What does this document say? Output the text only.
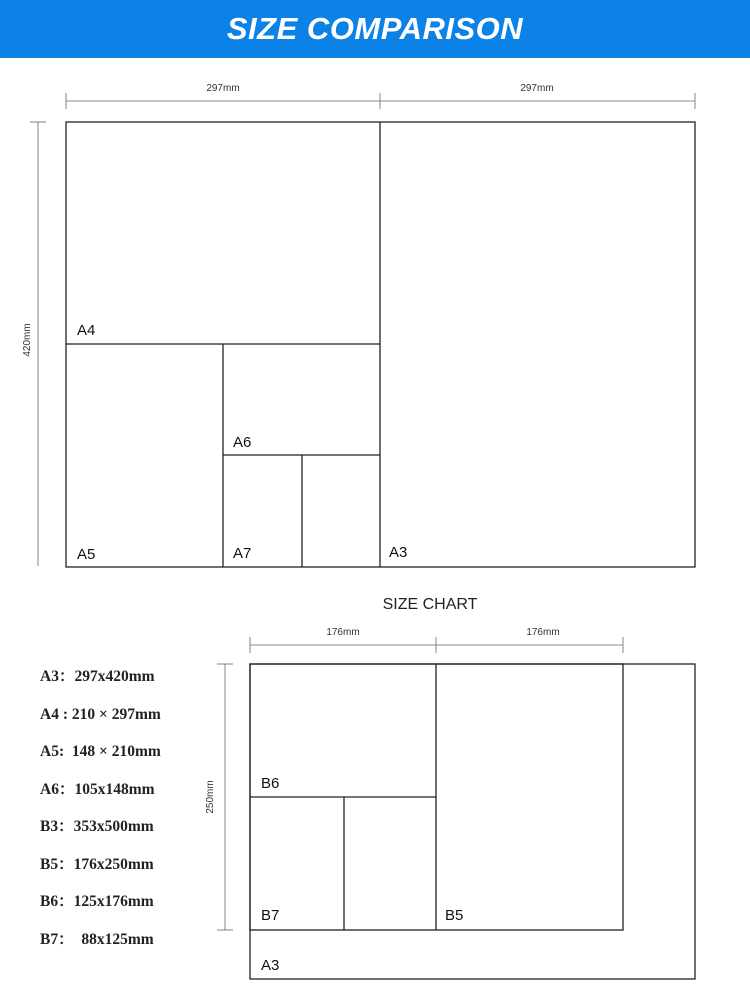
SIZE COMPARISON
297mm	297mm
420mm	A4
A5
A6
A7	A3
SIZE CHART
176mm	176mm
250mm	B6
B7	B5
A3
A3：297x420mm
A4 : 210 × 297mm
A5:  148 × 210mm
A6：105x148mm
B3：353x500mm
B5：176x250mm
B6：125x176mm
B7：  88x125mm
